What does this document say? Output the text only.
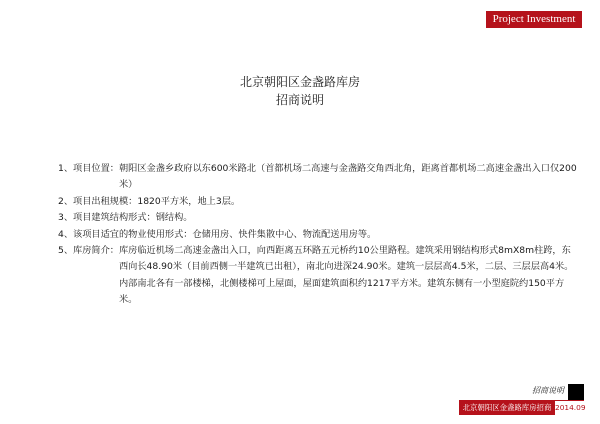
Project Investment
北京朝阳区金盏路库房
招商说明
1、项目位置： 朝阳区金盏乡政府以东600米路北（首都机场二高速与金盏路交角西北角，距离首都机场二高速金盏出入口仅200米）
2、项目出租规模： 1820平方米，地上3层。
3、项目建筑结构形式： 钢结构。
4、该项目适宜的物业使用形式： 仓储用房、快件集散中心、物流配送用房等。
5、库房简介： 库房临近机场二高速金盏出入口，向西距离五环路五元桥约10公里路程。建筑采用钢结构形式8mX8m柱跨，东西向长48.90米（目前西侧一半建筑已出租），南北向进深24.90米。建筑一层层高4.5米，二层、三层层高4米。内部南北各有一部楼梯，北侧楼梯可上屋面，屋面建筑面积约1217平方米。建筑东侧有一小型庭院约150平方米。
招商说明
北京朝阳区金盏路库房招商 2014.09
